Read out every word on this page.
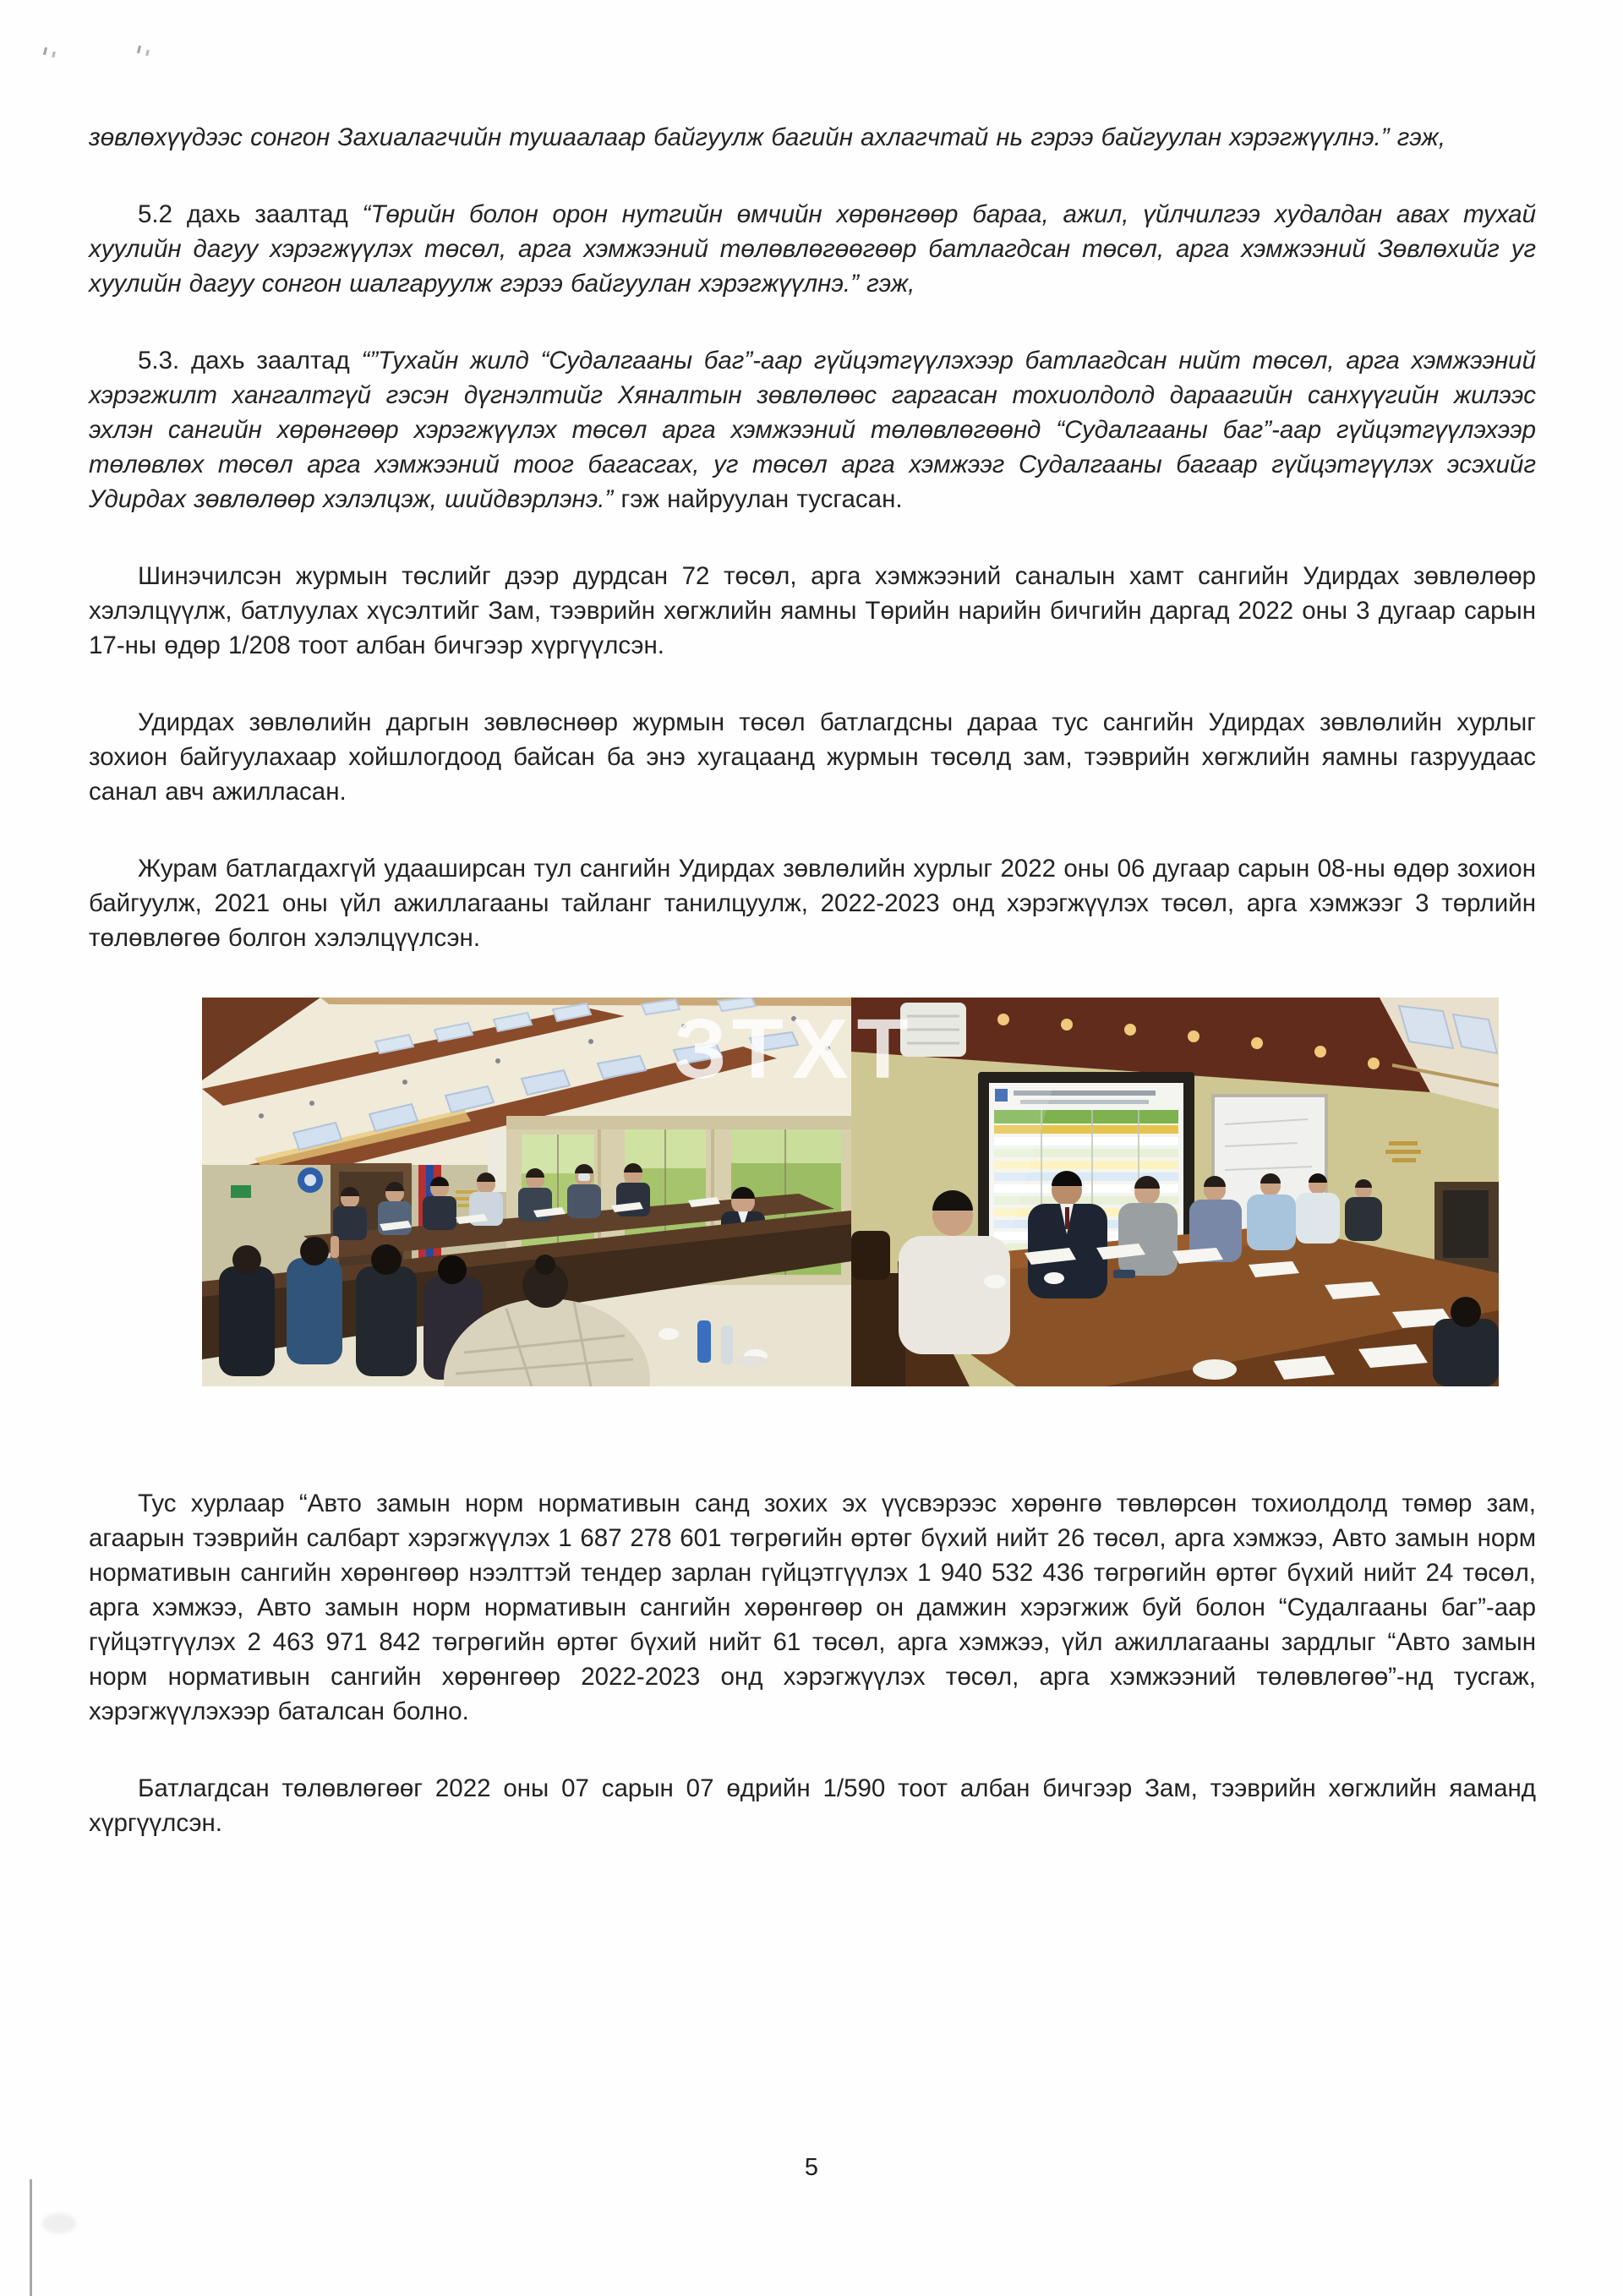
зөвлөхүүдээс сонгон Захиалагчийн тушаалаар байгуулж багийн ахлагчтай нь гэрээ байгуулан хэрэгжүүлнэ.” гэж,

5.2 дахь заалтад “Төрийн болон орон нутгийн өмчийн хөрөнгөөр бараа, ажил, үйлчилгээ худалдан авах тухай хуулийн дагуу хэрэгжүүлэх төсөл, арга хэмжээний төлөвлөгөөгөөр батлагдсан төсөл, арга хэмжээний Зөвлөхийг уг хуулийн дагуу сонгон шалгаруулж гэрээ байгуулан хэрэгжүүлнэ.” гэж,

5.3. дахь заалтад “”Тухайн жилд “Судалгааны баг”-аар гүйцэтгүүлэхээр батлагдсан нийт төсөл, арга хэмжээний хэрэгжилт хангалтгүй гэсэн дүгнэлтийг Хяналтын зөвлөлөөс гаргасан тохиолдолд дараагийн санхүүгийн жилээс эхлэн сангийн хөрөнгөөр хэрэгжүүлэх төсөл арга хэмжээний төлөвлөгөөнд “Судалгааны баг”-аар гүйцэтгүүлэхээр төлөвлөх төсөл арга хэмжээний тоог багасгах, уг төсөл арга хэмжээг Судалгааны багаар гүйцэтгүүлэх эсэхийг Удирдах зөвлөлөөр хэлэлцэж, шийдвэрлэнэ.” гэж найруулан тусгасан.

Шинэчилсэн журмын төслийг дээр дурдсан 72 төсөл, арга хэмжээний саналын хамт сангийн Удирдах зөвлөлөөр хэлэлцүүлж, батлуулах хүсэлтийг Зам, тээврийн хөгжлийн яамны Төрийн нарийн бичгийн даргад 2022 оны 3 дугаар сарын 17-ны өдөр 1/208 тоот албан бичгээр хүргүүлсэн.

Удирдах зөвлөлийн даргын зөвлөснөөр журмын төсөл батлагдсны дараа тус сангийн Удирдах зөвлөлийн хурлыг зохион байгуулахаар хойшлогдоод байсан ба энэ хугацаанд журмын төсөлд зам, тээврийн хөгжлийн яамны газруудаас санал авч ажилласан.

Журам батлагдахгүй удааширсан тул сангийн Удирдах зөвлөлийн хурлыг 2022 оны 06 дугаар сарын 08-ны өдөр зохион байгуулж, 2021 оны үйл ажиллагааны тайланг танилцуулж, 2022-2023 онд хэрэгжүүлэх төсөл, арга хэмжээг 3 төрлийн төлөвлөгөө болгон хэлэлцүүлсэн.

ЗТХТ

Тус хурлаар “Авто замын норм нормативын санд зохих эх үүсвэрээс хөрөнгө төвлөрсөн тохиолдолд төмөр зам, агаарын тээврийн салбарт хэрэгжүүлэх 1 687 278 601 төгрөгийн өртөг бүхий нийт 26 төсөл, арга хэмжээ, Авто замын норм нормативын сангийн хөрөнгөөр нээлттэй тендер зарлан гүйцэтгүүлэх 1 940 532 436 төгрөгийн өртөг бүхий нийт 24 төсөл, арга хэмжээ, Авто замын норм нормативын сангийн хөрөнгөөр он дамжин хэрэгжиж буй болон “Судалгааны баг”-аар гүйцэтгүүлэх 2 463 971 842 төгрөгийн өртөг бүхий нийт 61 төсөл, арга хэмжээ, үйл ажиллагааны зардлыг “Авто замын норм нормативын сангийн хөрөнгөөр 2022-2023 онд хэрэгжүүлэх төсөл, арга хэмжээний төлөвлөгөө”-нд тусгаж, хэрэгжүүлэхээр баталсан болно.

Батлагдсан төлөвлөгөөг 2022 оны 07 сарын 07 өдрийн 1/590 тоот албан бичгээр Зам, тээврийн хөгжлийн яаманд хүргүүлсэн.

5
